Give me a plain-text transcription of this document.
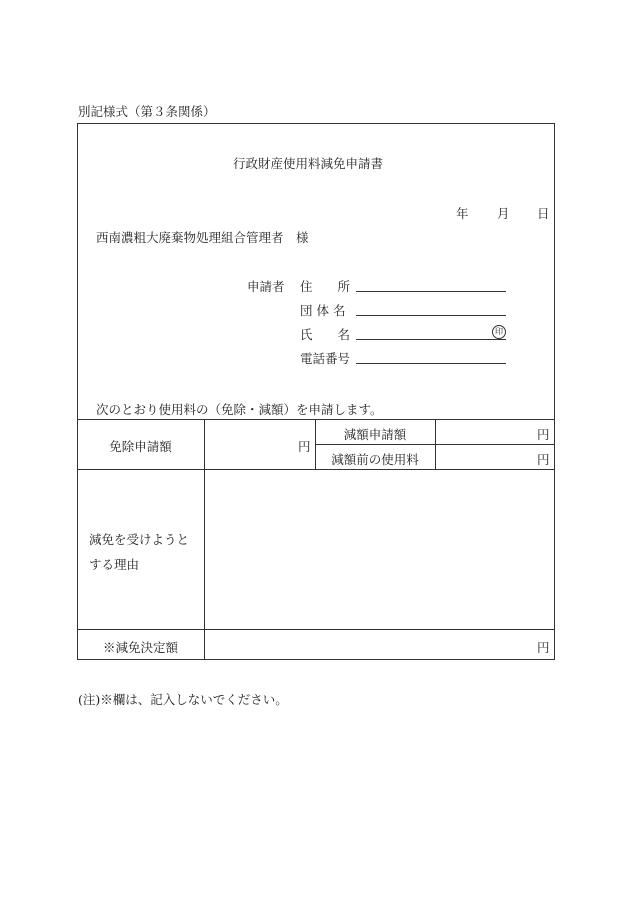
別記様式（第３条関係）
行政財産使用料減免申請書
年 月 日
西南濃粗大廃棄物処理組合管理者　様
申請者 住　　所
団 体 名
氏　　名	印
電話番号
次のとおり使用料の（免除・減額）を申請します。
免除申請額	円
減額申請額	円
減額前の使用料	円
減免を受けようと
する理由
※減免決定額	円
(注)※欄は、記入しないでください。
